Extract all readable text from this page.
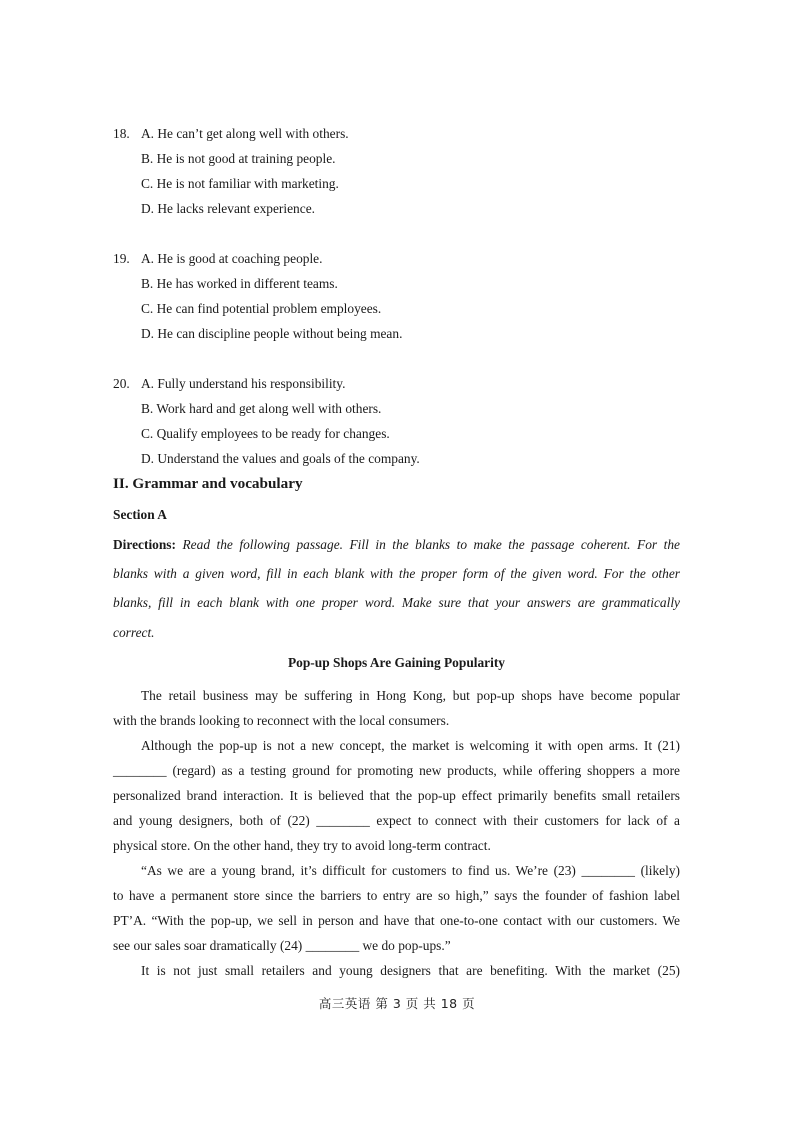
18. A. He can’t get along well with others.
B. He is not good at training people.
C. He is not familiar with marketing.
D. He lacks relevant experience.
19. A. He is good at coaching people.
B. He has worked in different teams.
C. He can find potential problem employees.
D. He can discipline people without being mean.
20. A. Fully understand his responsibility.
B. Work hard and get along well with others.
C. Qualify employees to be ready for changes.
D. Understand the values and goals of the company.
II. Grammar and vocabulary
Section A
Directions: Read the following passage. Fill in the blanks to make the passage coherent. For the
blanks with a given word, fill in each blank with the proper form of the given word. For the other
blanks, fill in each blank with one proper word. Make sure that your answers are grammatically
correct.
Pop-up Shops Are Gaining Popularity
The retail business may be suffering in Hong Kong, but pop-up shops have become popular
with the brands looking to reconnect with the local consumers.
Although the pop-up is not a new concept, the market is welcoming it with open arms. It (21)
________ (regard) as a testing ground for promoting new products, while offering shoppers a more
personalized brand interaction. It is believed that the pop-up effect primarily benefits small retailers
and young designers, both of (22) ________ expect to connect with their customers for lack of a
physical store. On the other hand, they try to avoid long-term contract.
“As we are a young brand, it’s difficult for customers to find us. We’re (23) ________ (likely)
to have a permanent store since the barriers to entry are so high,” says the founder of fashion label
PT’A. “With the pop-up, we sell in person and have that one-to-one contact with our customers. We
see our sales soar dramatically (24) ________ we do pop-ups.”
It is not just small retailers and young designers that are benefiting. With the market (25)
高三英语 第 3 页 共 18 页
